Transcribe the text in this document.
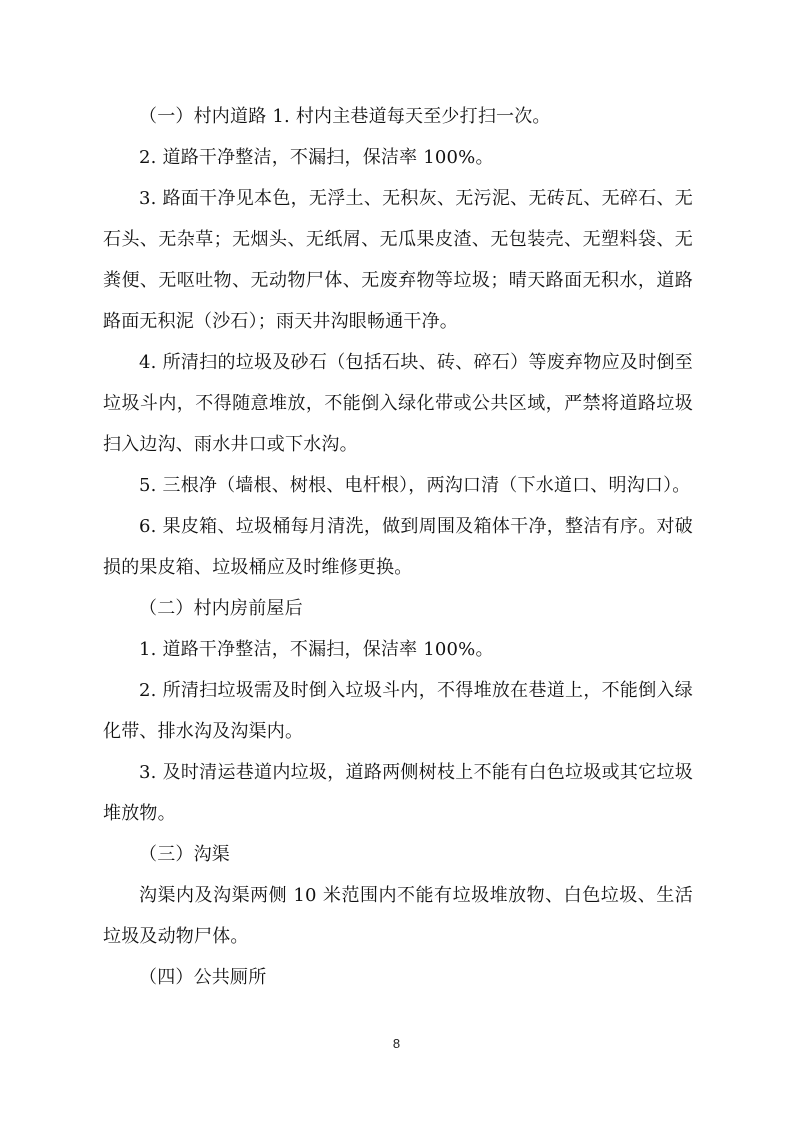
（一）村内道路 1. 村内主巷道每天至少打扫一次。

2. 道路干净整洁，不漏扫，保洁率 100%。

3. 路面干净见本色，无浮土、无积灰、无污泥、无砖瓦、无碎石、无石头、无杂草；无烟头、无纸屑、无瓜果皮渣、无包装壳、无塑料袋、无粪便、无呕吐物、无动物尸体、无废弃物等垃圾；晴天路面无积水，道路路面无积泥（沙石）；雨天井沟眼畅通干净。

4. 所清扫的垃圾及砂石（包括石块、砖、碎石）等废弃物应及时倒至垃圾斗内，不得随意堆放，不能倒入绿化带或公共区域，严禁将道路垃圾扫入边沟、雨水井口或下水沟。

5. 三根净（墙根、树根、电杆根），两沟口清（下水道口、明沟口）。

6. 果皮箱、垃圾桶每月清洗，做到周围及箱体干净，整洁有序。对破损的果皮箱、垃圾桶应及时维修更换。

（二）村内房前屋后

1. 道路干净整洁，不漏扫，保洁率 100%。

2. 所清扫垃圾需及时倒入垃圾斗内，不得堆放在巷道上，不能倒入绿化带、排水沟及沟渠内。

3. 及时清运巷道内垃圾，道路两侧树枝上不能有白色垃圾或其它垃圾堆放物。

（三）沟渠

沟渠内及沟渠两侧 10 米范围内不能有垃圾堆放物、白色垃圾、生活垃圾及动物尸体。

（四）公共厕所

8
